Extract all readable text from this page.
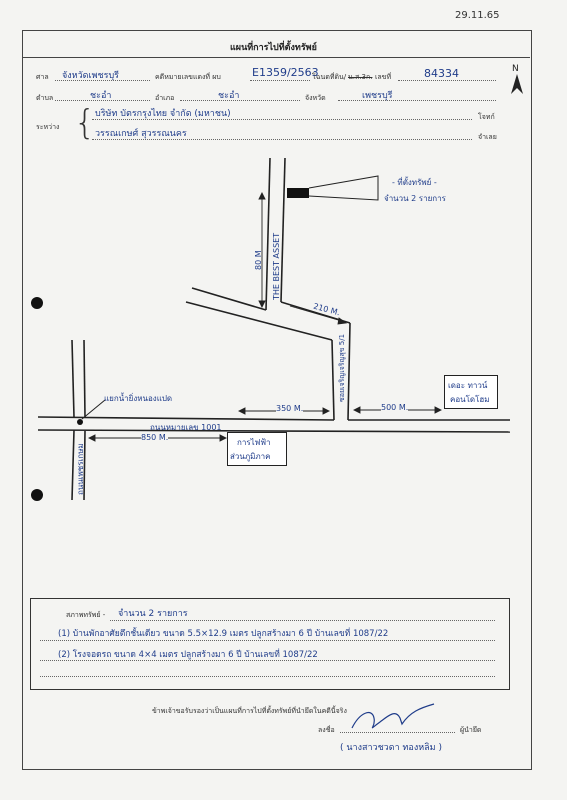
29.11.65
แผนที่การไปที่ตั้งทรัพย์
ศาล จังหวัดเพชรบุรี	คดีหมายเลขแดงที่ ผบ	E1359/2563
โฉนดที่ดิน/ น.ส.3ก. เลขที่	84334	N
ตำบล	ชะอำ	อำเภอ	ชะอำ	จังหวัด	เพชรบุรี
ระหว่าง { บริษัท บัตรกรุงไทย จำกัด (มหาชน)	โจทก์
วรรณเกษศ์ สุวรรณนคร	จำเลย
- ที่ตั้งทรัพย์ -
จำนวน 2 รายการ
THE BEST ASSET
80 M
210 M.
ซอยเจริญเจริญสุข 5/1
350 M.	500 M.
เดอะ ทาวน์
คอนโดโฮม
แยกน้ำยิ่งหนองแปด
ถนนหมายเลข 1001
850 M.
การไฟฟ้า
ส่วนภูมิภาค
ถนนเพชรเกษม
สภาพทรัพย์ - จำนวน 2 รายการ
(1) บ้านพักอาศัยตึกชั้นเดียว ขนาด 5.5×12.9 เมตร ปลูกสร้างมา 6 ปี บ้านเลขที่ 1087/22
(2) โรงจอดรถ ขนาด 4×4 เมตร ปลูกสร้างมา 6 ปี บ้านเลขที่ 1087/22
ข้าพเจ้าขอรับรองว่าเป็นแผนที่การไปที่ตั้งทรัพย์ที่นำยึดในคดีนี้จริง
ลงชื่อ	ผู้นำยึด
( นางสาวชวดา ทองหลิม )
